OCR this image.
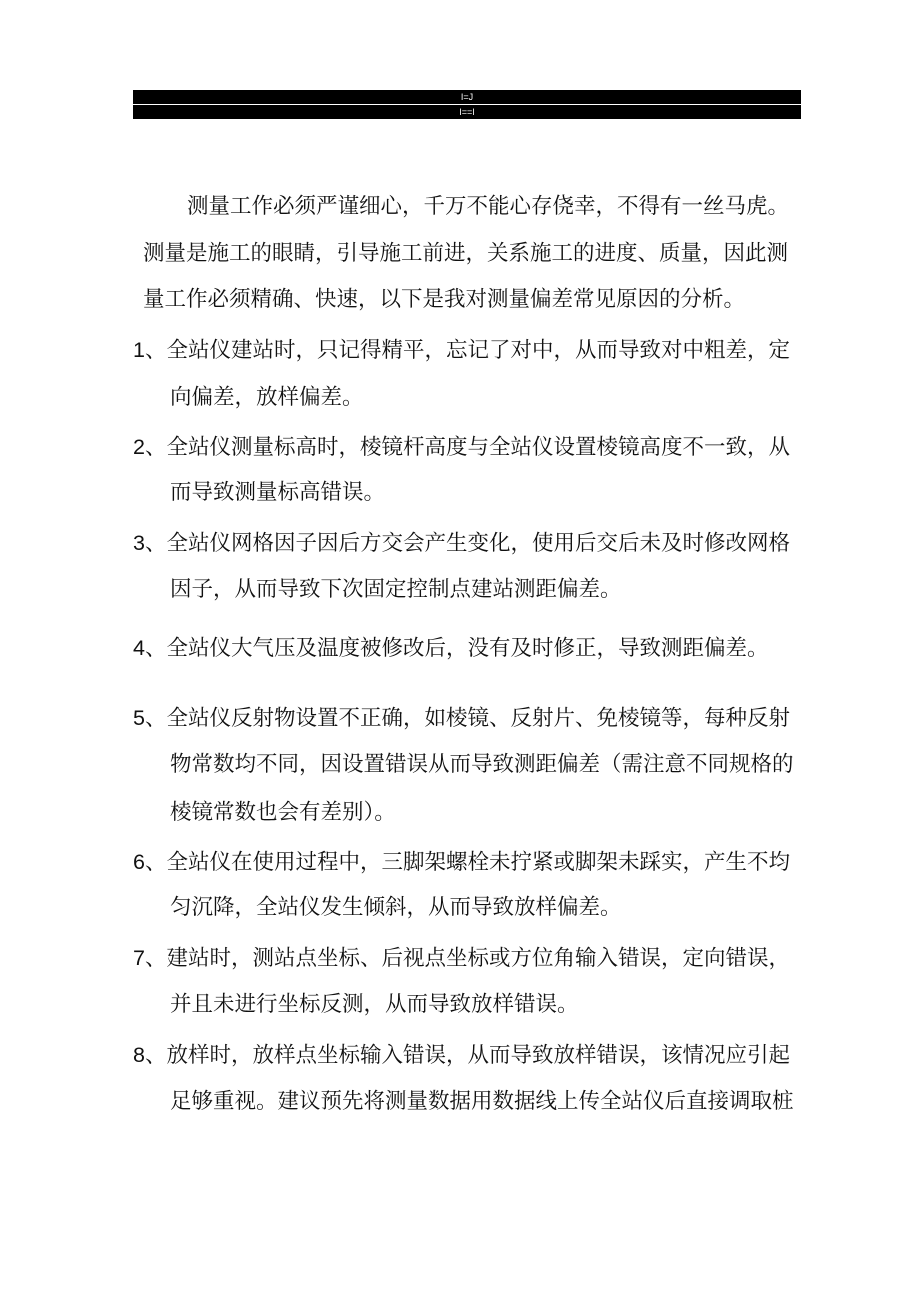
I=J
I==I
测量工作必须严谨细心，千万不能心存侥幸，不得有一丝马虎。
测量是施工的眼睛，引导施工前进，关系施工的进度、质量，因此测
量工作必须精确、快速，以下是我对测量偏差常见原因的分析。
1、全站仪建站时，只记得精平，忘记了对中，从而导致对中粗差，定
向偏差，放样偏差。
2、全站仪测量标高时，棱镜杆高度与全站仪设置棱镜高度不一致，从
而导致测量标高错误。
3、全站仪网格因子因后方交会产生变化，使用后交后未及时修改网格
因子，从而导致下次固定控制点建站测距偏差。
4、全站仪大气压及温度被修改后，没有及时修正，导致测距偏差。
5、全站仪反射物设置不正确，如棱镜、反射片、免棱镜等，每种反射
物常数均不同，因设置错误从而导致测距偏差（需注意不同规格的
棱镜常数也会有差别）。
6、全站仪在使用过程中，三脚架螺栓未拧紧或脚架未踩实，产生不均
匀沉降，全站仪发生倾斜，从而导致放样偏差。
7、建站时，测站点坐标、后视点坐标或方位角输入错误，定向错误，
并且未进行坐标反测，从而导致放样错误。
8、放样时，放样点坐标输入错误，从而导致放样错误，该情况应引起
足够重视。建议预先将测量数据用数据线上传全站仪后直接调取桩
